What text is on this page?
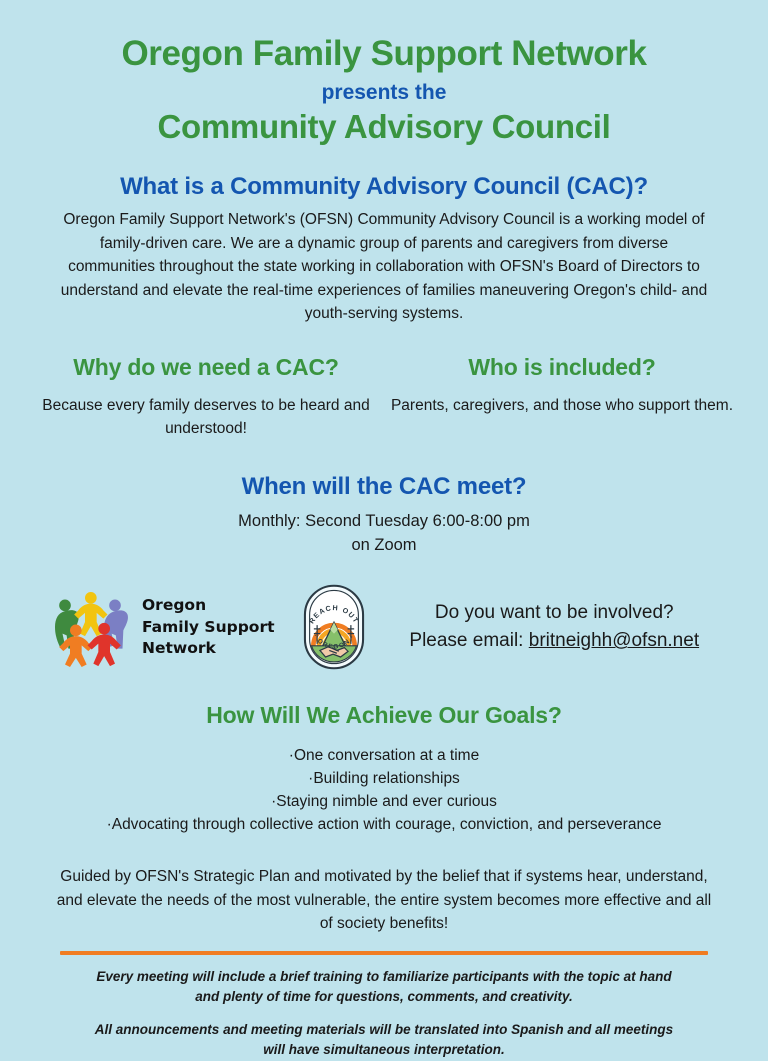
Oregon Family Support Network
presents the
Community Advisory Council
What is a Community Advisory Council (CAC)?
Oregon Family Support Network's (OFSN) Community Advisory Council is a working model of family-driven care. We are a dynamic group of parents and caregivers from diverse communities throughout the state working in collaboration with OFSN's Board of Directors to understand and elevate the real-time experiences of families maneuvering Oregon's child- and youth-serving systems.
Why do we need a CAC?
Because every family deserves to be heard and understood!
Who is included?
Parents, caregivers, and those who support them.
When will the CAC meet?
Monthly: Second Tuesday 6:00-8:00 pm
on Zoom
Oregon
Family Support
Network
REACH OUT
· OREGON ·
Do you want to be involved?
Please email: britneighh@ofsn.net
How Will We Achieve Our Goals?
·One conversation at a time
·Building relationships
·Staying nimble and ever curious
·Advocating through collective action with courage, conviction, and perseverance
Guided by OFSN's Strategic Plan and motivated by the belief that if systems hear, understand, and elevate the needs of the most vulnerable, the entire system becomes more effective and all of society benefits!

Every meeting will include a brief training to familiarize participants with the topic at hand and plenty of time for questions, comments, and creativity.

All announcements and meeting materials will be translated into Spanish and all meetings will have simultaneous interpretation.
